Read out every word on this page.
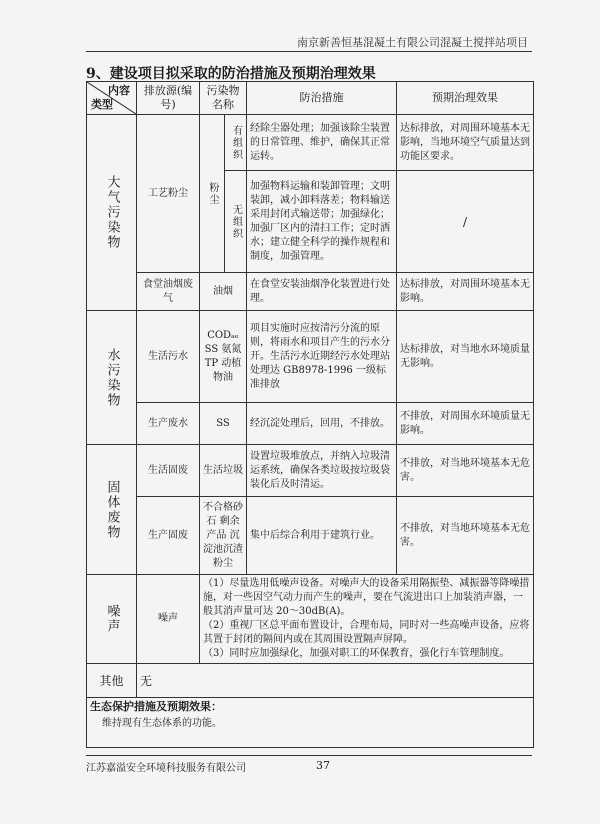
南京新善恒基混凝土有限公司混凝土搅拌站项目
9、建设项目拟采取的防治措施及预期治理效果
内容
类型	排放源(编号)	污染物名称		防治措施	预期治理效果

大气污染物	工艺粉尘	粉尘	有组织	经除尘器处理；加强该除尘装置的日常管理、维护，确保其正常运转。	达标排放，对周围环境基本无影响，当地环境空气质量达到功能区要求。

			无组织	加强物料运输和装卸管理；文明装卸，减小卸料落差；物料输送采用封闭式输送带；加强绿化；加强厂区内的清扫工作；定时洒水；建立健全科学的操作规程和制度，加强管理。	/
	食堂油烟废气	油烟		在食堂安装油烟净化装置进行处理。	达标排放，对周围环境基本无影响。

水污染物	生活污水	CODₐₑ SS 氨氮 TP 动植物油		项目实施时应按清污分流的原则，将雨水和项目产生的污水分开。生活污水近期经污水处理站处理达 GB8978-1996 一级标准排放	达标排放，对当地水环境质量无影响。
	生产废水	SS		经沉淀处理后，回用，不排放。	不排放，对周围水环境质量无影响。

固体废物	生活固废	生活垃圾		设置垃圾堆放点，并纳入垃圾清运系统，确保各类垃圾按垃圾袋装化后及时清运。	不排放，对当地环境基本无危害。
	生产固废	不合格砂石 剩余产品 沉淀池沉渣 粉尘		集中后综合利用于建筑行业。	不排放，对当地环境基本无危害。

噪声	噪声	（1）尽量选用低噪声设备。对噪声大的设备采用隔振垫、减振器等降噪措施，对一些因空气动力而产生的噪声，要在气流进出口上加装消声器，一般其消声量可达 20～30dB(A)。
（2）重视厂区总平面布置设计，合理布局，同时对一些高噪声设备，应将其置于封闭的隔间内或在其周围设置隔声屏障。
（3）同时应加强绿化，加强对职工的环保教育，强化行车管理制度。			

其他	无				

生态保护措施及预期效果：
维持现有生态体系的功能。					
江苏嘉溢安全环境科技服务有限公司	37
